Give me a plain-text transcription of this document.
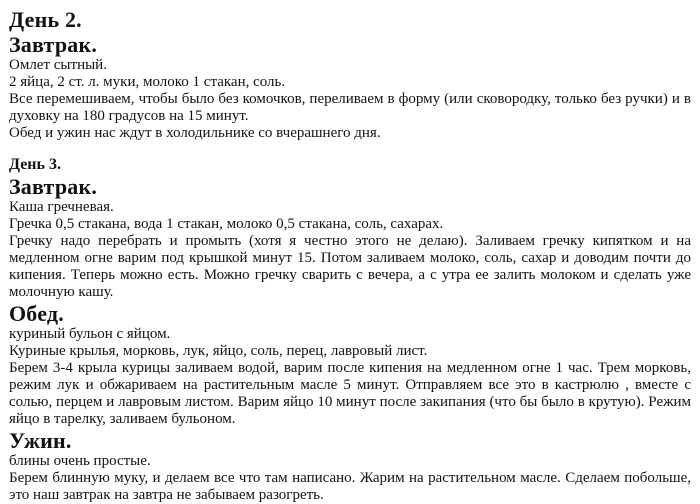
День 2.
Завтрак.

Омлет сытный.

2 яйца, 2 ст. л. муки, молоко 1 стакан, соль.

Все перемешиваем, чтобы было без комочков, переливаем в форму (или сковородку, только без ручки) и в духовку на 180 градусов на 15 минут.

Обед и ужин нас ждут в холодильнике со вчерашнего дня.

День 3.
Завтрак.

Каша гречневая.

Гречка 0,5 стакана, вода 1 стакан, молоко 0,5 стакана, соль, сахарах.

Гречку надо перебрать и промыть (хотя я честно этого не делаю). Заливаем гречку кипятком и на медленном огне варим под крышкой минут 15. Потом заливаем молоко, соль, сахар и доводим почти до кипения. Теперь можно есть. Можно гречку сварить с вечера, а с утра ее залить молоком и сделать уже молочную кашу.

Обед.

куриный бульон с яйцом.

Куриные крылья, морковь, лук, яйцо, соль, перец, лавровый лист.

Берем 3-4 крыла курицы заливаем водой, варим после кипения на медленном огне 1 час. Трем морковь, режим лук и обжариваем на растительным масле 5 минут. Отправляем все это в кастрюлю , вместе с солью, перцем и лавровым листом. Варим яйцо 10 минут после закипания (что бы было в крутую). Режим яйцо в тарелку, заливаем бульоном.

Ужин.

блины очень простые.

Берем блинную муку, и делаем все что там написано. Жарим на растительном масле. Сделаем побольше, это наш завтрак на завтра не забываем разогреть.
